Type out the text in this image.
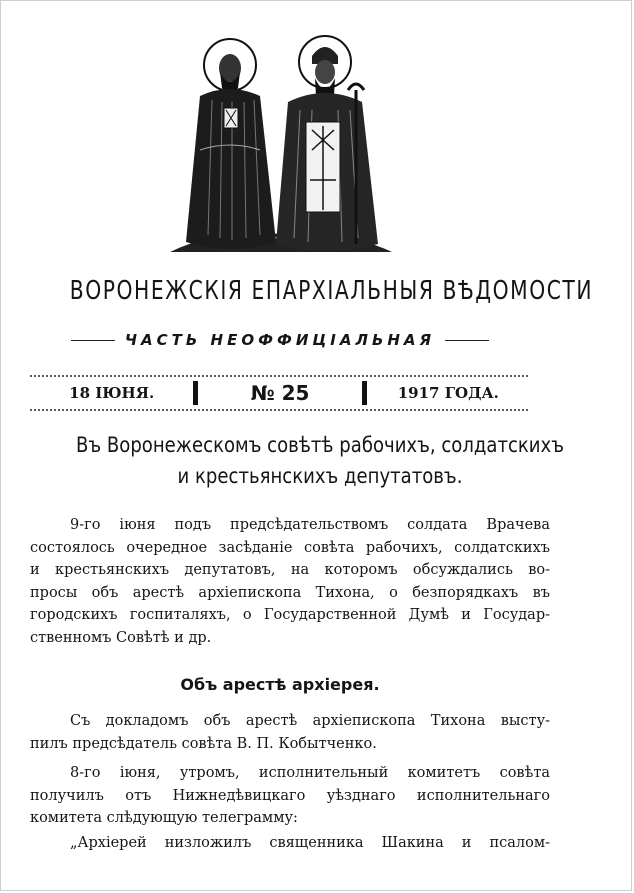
ВОРОНЕЖСКІЯ ЕПАРХІАЛЬНЫЯ ВѢДОМОСТИ
ЧАСТЬ НЕОФФИЦІАЛЬНАЯ
18 ІЮНЯ.	№ 25	1917 ГОДА.
Въ Воронежескомъ совѣтѣ рабочихъ, солдатскихъ
и крестьянскихъ депутатовъ.
9-го іюня подъ предсѣдательствомъ солдата Врачева
состоялось очередное засѣданіе совѣта рабочихъ, солдатскихъ
и крестьянскихъ депутатовъ, на которомъ обсуждались во-
просы объ арестѣ архіепископа Тихона, о безпорядкахъ въ
городскихъ госпиталяхъ, о Государственной Думѣ и Государ-
ственномъ Совѣтѣ и др.
Объ арестѣ архіерея.
Съ докладомъ объ арестѣ архіепископа Тихона высту-
пилъ предсѣдатель совѣта В. П. Кобытченко.
8-го іюня, утромъ, исполнительный комитетъ совѣта
получилъ отъ Нижнедѣвицкаго уѣзднаго исполнительнаго
комитета слѣдующую телеграмму:
„Архіерей низложилъ священника Шакина и псалом-
